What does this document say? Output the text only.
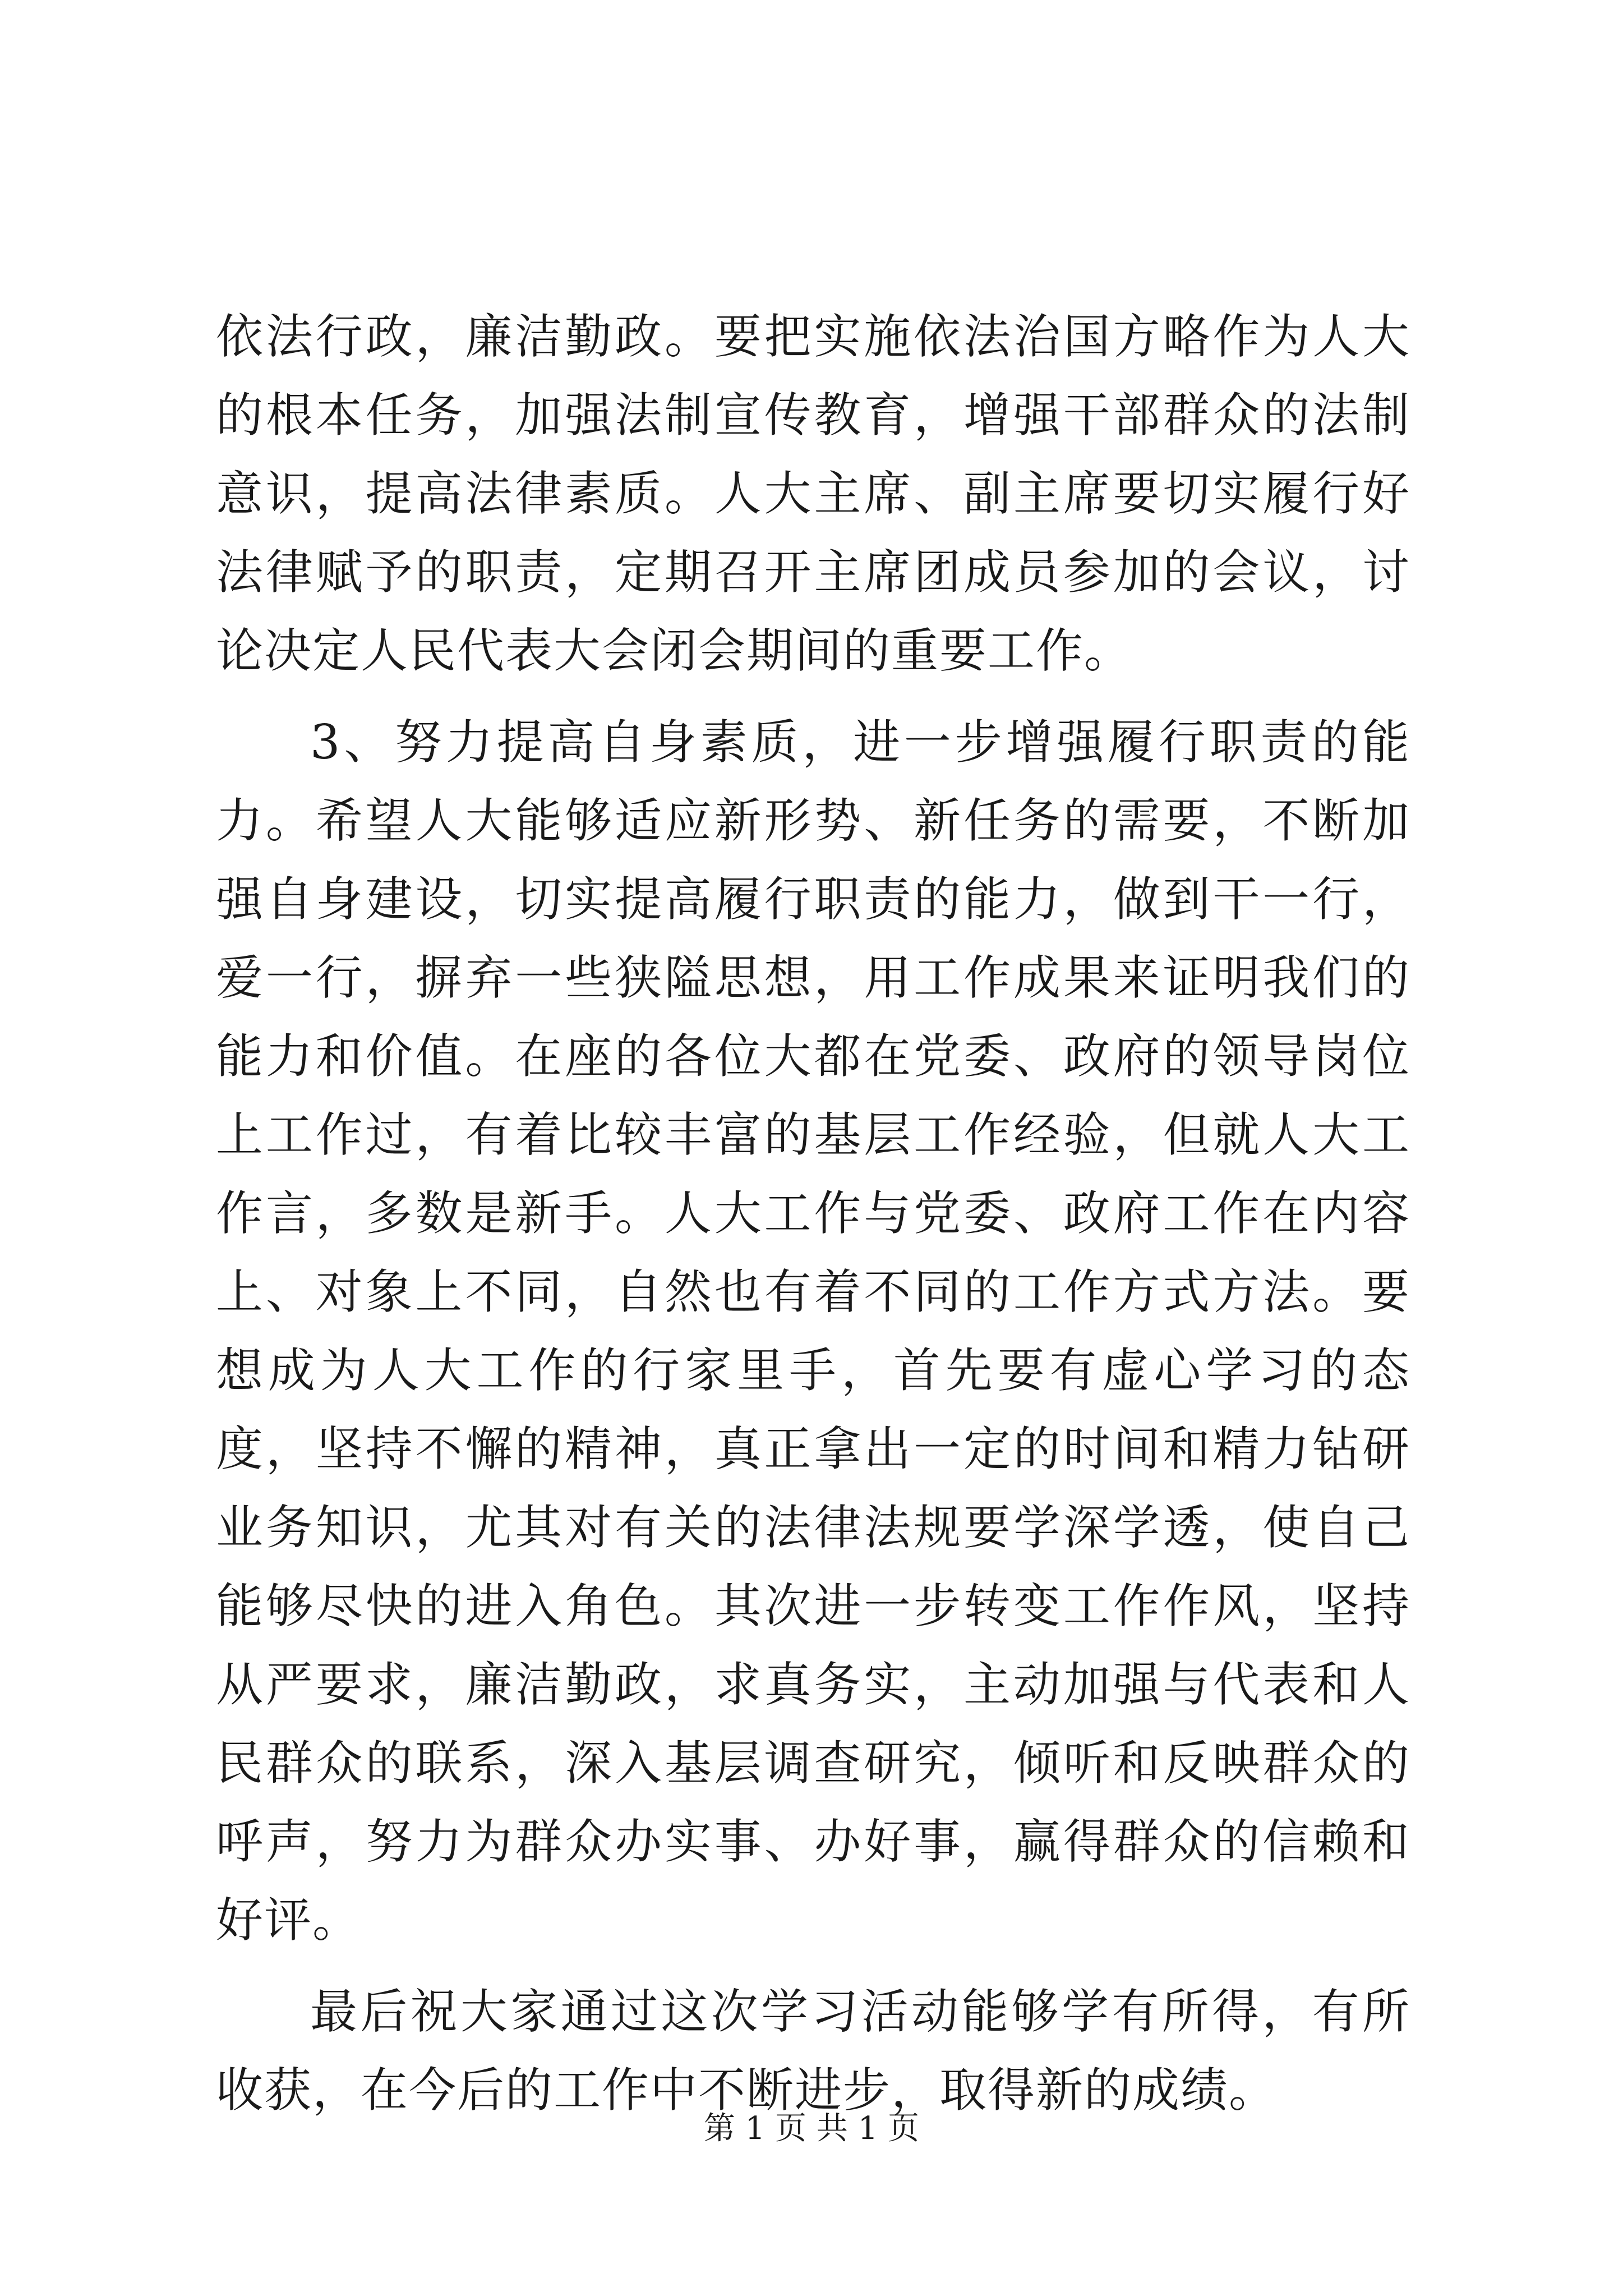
依法行政，廉洁勤政。要把实施依法治国方略作为人大的根本任务，加强法制宣传教育，增强干部群众的法制意识，提高法律素质。人大主席、副主席要切实履行好法律赋予的职责，定期召开主席团成员参加的会议，讨论决定人民代表大会闭会期间的重要工作。

3、努力提高自身素质，进一步增强履行职责的能力。希望人大能够适应新形势、新任务的需要，不断加强自身建设，切实提高履行职责的能力，做到干一行，爱一行，摒弃一些狭隘思想，用工作成果来证明我们的能力和价值。在座的各位大都在党委、政府的领导岗位上工作过，有着比较丰富的基层工作经验，但就人大工作言，多数是新手。人大工作与党委、政府工作在内容上、对象上不同，自然也有着不同的工作方式方法。要想成为人大工作的行家里手，首先要有虚心学习的态度，坚持不懈的精神，真正拿出一定的时间和精力钻研业务知识，尤其对有关的法律法规要学深学透，使自己能够尽快的进入角色。其次进一步转变工作作风，坚持从严要求，廉洁勤政，求真务实，主动加强与代表和人民群众的联系，深入基层调查研究，倾听和反映群众的呼声，努力为群众办实事、办好事，赢得群众的信赖和好评。

最后祝大家通过这次学习活动能够学有所得，有所收获，在今后的工作中不断进步，取得新的成绩。

第 1 页 共 1 页
